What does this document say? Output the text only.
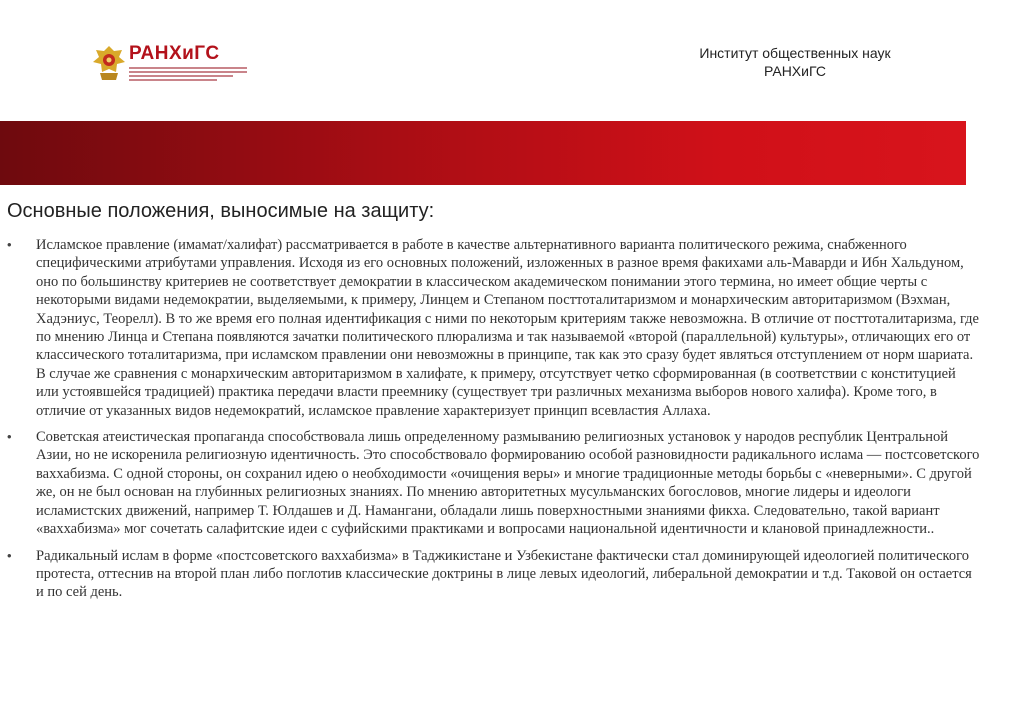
РАНХиГС	Институт общественных наук
РАНХиГС
Основные положения, выносимые на защиту:
• Исламское правление (имамат/халифат) рассматривается в работе в качестве альтернативного варианта политического режима, снабженного специфическими атрибутами управления. Исходя из его основных положений, изложенных в разное время факихами аль-Маварди и Ибн Хальдуном, оно по большинству критериев не соответствует демократии в классическом академическом понимании этого термина, но имеет общие черты с некоторыми видами недемократии, выделяемыми, к примеру, Линцем и Степаном посттоталитаризмом и монархическим авторитаризмом (Вэхман, Хадэниус, Теорелл). В то же время его полная идентификация с ними по некоторым критериям также невозможна. В отличие от посттоталитаризма, где по мнению Линца и Степана появляются зачатки политического плюрализма и так называемой «второй (параллельной) культуры», отличающих его от классического тоталитаризма, при исламском правлении они невозможны в принципе, так как это сразу будет являться отступлением от норм шариата. В случае же сравнения с монархическим авторитаризмом в халифате, к примеру, отсутствует четко сформированная (в соответствии с конституцией или устоявшейся традицией) практика передачи власти преемнику (существует три различных механизма выборов нового халифа). Кроме того, в отличие от указанных видов недемократий, исламское правление характеризует принцип всевластия Аллаха.
• Советская атеистическая пропаганда способствовала лишь определенному размыванию религиозных установок у народов республик Центральной Азии, но не искоренила религиозную идентичность. Это способствовало формированию особой разновидности радикального ислама — постсоветского ваххабизма. С одной стороны, он сохранил идею о необходимости «очищения веры» и многие традиционные методы борьбы с «неверными». С другой же, он не был основан на глубинных религиозных знаниях. По мнению авторитетных мусульманских богословов, многие лидеры и идеологи исламистских движений, например Т. Юлдашев и Д. Намангани, обладали лишь поверхностными знаниями фикха. Следовательно, такой вариант «ваххабизма» мог сочетать салафитские идеи с суфийскими практиками и вопросами национальной идентичности и клановой принадлежности..
• Радикальный ислам в форме «постсоветского ваххабизма» в Таджикистане и Узбекистане фактически стал доминирующей идеологией политического протеста, оттеснив на второй план либо поглотив классические доктрины в лице левых идеологий, либеральной демократии и т.д. Таковой он остается и по сей день.
